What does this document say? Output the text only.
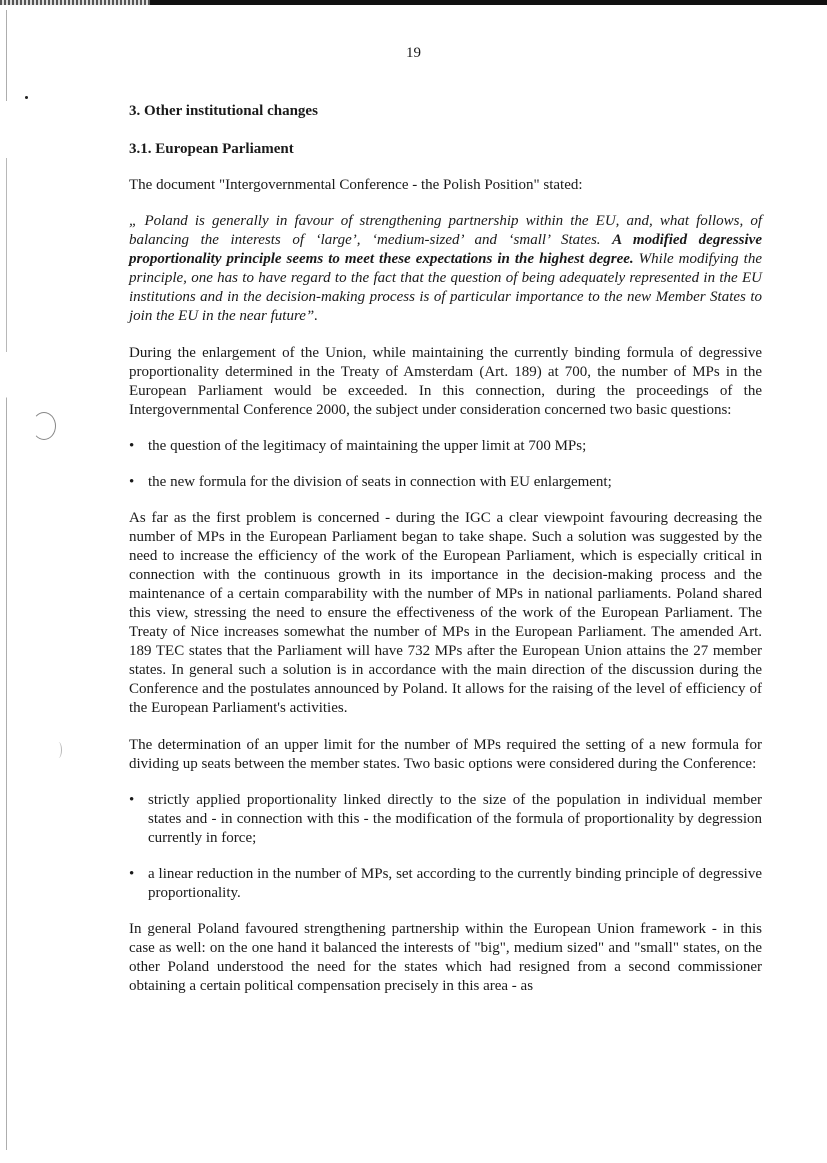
19
3. Other institutional changes
3.1. European Parliament

The document "Intergovernmental Conference - the Polish Position" stated:

„ Poland is generally in favour of strengthening partnership within the EU, and, what follows, of balancing the interests of ‘large’, ‘medium-sized’ and ‘small’ States. A modified degressive proportionality principle seems to meet these expectations in the highest degree. While modifying the principle, one has to have regard to the fact that the question of being adequately represented in the EU institutions and in the decision-making process is of particular importance to the new Member States to join the EU in the near future”.

During the enlargement of the Union, while maintaining the currently binding formula of degressive proportionality determined in the Treaty of Amsterdam (Art. 189) at 700, the number of MPs in the European Parliament would be exceeded. In this connection, during the proceedings of the Intergovernmental Conference 2000, the subject under consideration concerned two basic questions:

• the question of the legitimacy of maintaining the upper limit at 700 MPs;
• the new formula for the division of seats in connection with EU enlargement;

As far as the first problem is concerned - during the IGC a clear viewpoint favouring decreasing the number of MPs in the European Parliament began to take shape. Such a solution was suggested by the need to increase the efficiency of the work of the European Parliament, which is especially critical in connection with the continuous growth in its importance in the decision-making process and the maintenance of a certain comparability with the number of MPs in national parliaments. Poland shared this view, stressing the need to ensure the effectiveness of the work of the European Parliament. The Treaty of Nice increases somewhat the number of MPs in the European Parliament. The amended Art. 189 TEC states that the Parliament will have 732 MPs after the European Union attains the 27 member states. In general such a solution is in accordance with the main direction of the discussion during the Conference and the postulates announced by Poland. It allows for the raising of the level of efficiency of the European Parliament's activities.

The determination of an upper limit for the number of MPs required the setting of a new formula for dividing up seats between the member states. Two basic options were considered during the Conference:

• strictly applied proportionality linked directly to the size of the population in individual member states and - in connection with this - the modification of the formula of proportionality by degression currently in force;
• a linear reduction in the number of MPs, set according to the currently binding principle of degressive proportionality.

In general Poland favoured strengthening partnership within the European Union framework - in this case as well: on the one hand it balanced the interests of "big", medium sized" and "small" states, on the other Poland understood the need for the states which had resigned from a second commissioner obtaining a certain political compensation precisely in this area - as
